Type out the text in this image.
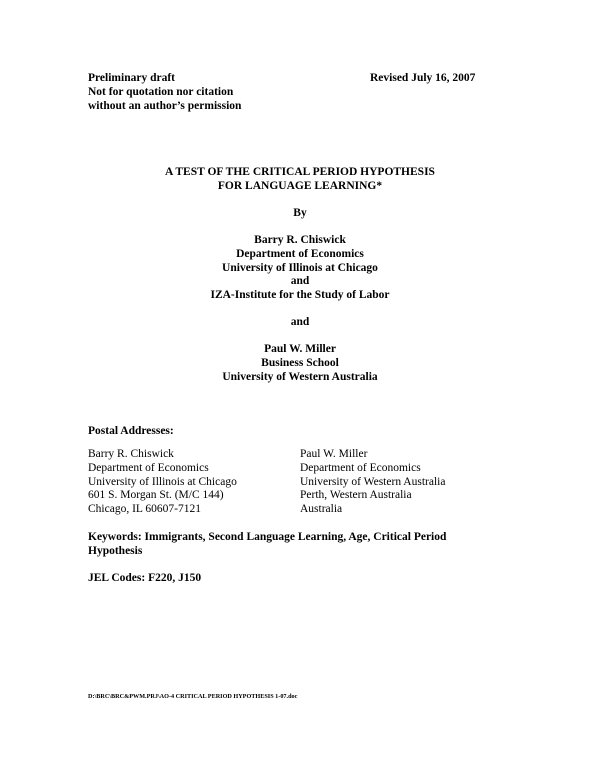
Preliminary draft
Not for quotation nor citation
without an author’s permission
Revised July 16, 2007
A TEST OF THE CRITICAL PERIOD HYPOTHESIS
FOR LANGUAGE LEARNING*
By
Barry R. Chiswick
Department of Economics
University of Illinois at Chicago
and
IZA-Institute for the Study of Labor
and
Paul W. Miller
Business School
University of Western Australia
Postal Addresses:
Barry R. Chiswick
Department of Economics
University of Illinois at Chicago
601 S. Morgan St. (M/C 144)
Chicago, IL 60607-7121
Paul W. Miller
Department of Economics
University of Western Australia
Perth, Western Australia
Australia
Keywords: Immigrants, Second Language Learning, Age, Critical Period
Hypothesis
JEL Codes: F220, J150
D:\BRC\BRC&PWM.PRJ\AO-4 CRITICAL PERIOD HYPOTHESIS 1-07.doc
